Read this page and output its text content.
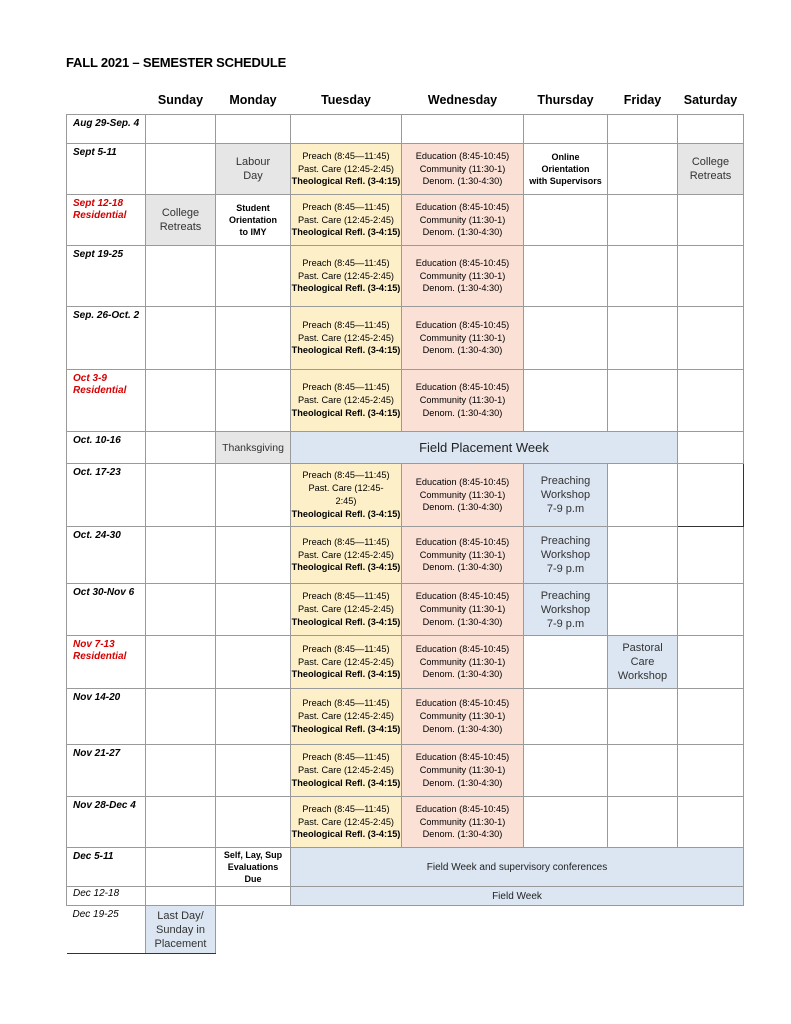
FALL 2021 – SEMESTER SCHEDULE
	Sunday	Monday	Tuesday	Wednesday	Thursday	Friday	Saturday
Aug 29-Sep. 4							
Sept 5-11		Labour
Day	Preach (8:45—11:45)
Past. Care (12:45-2:45)
Theological Refl. (3-4:15)	Education (8:45-10:45)
Community (11:30-1)
Denom. (1:30-4:30)	Online
Orientation
with Supervisors		College
Retreats

Sept 12-18
Residential	College
Retreats	Student
Orientation
to IMY	Preach (8:45—11:45)
Past. Care (12:45-2:45)
Theological Refl. (3-4:15)	Education (8:45-10:45)
Community (11:30-1)
Denom. (1:30-4:30)			

Sept 19-25			Preach (8:45—11:45)
Past. Care (12:45-2:45)
Theological Refl. (3-4:15)	Education (8:45-10:45)
Community (11:30-1)
Denom. (1:30-4:30)			

Sep. 26-Oct. 2			Preach (8:45—11:45)
Past. Care (12:45-2:45)
Theological Refl. (3-4:15)	Education (8:45-10:45)
Community (11:30-1)
Denom. (1:30-4:30)			

Oct 3-9
Residential			Preach (8:45—11:45)
Past. Care (12:45-2:45)
Theological Refl. (3-4:15)	Education (8:45-10:45)
Community (11:30-1)
Denom. (1:30-4:30)			

Oct. 10-16		Thanksgiving	Field Placement Week				
Oct. 17-23			Preach (8:45—11:45)
Past. Care (12:45-
2:45)
Theological Refl. (3-4:15)	Education (8:45-10:45)
Community (11:30-1)
Denom. (1:30-4:30)	Preaching
Workshop
7-9 p.m		

Oct. 24-30			Preach (8:45—11:45)
Past. Care (12:45-2:45)
Theological Refl. (3-4:15)	Education (8:45-10:45)
Community (11:30-1)
Denom. (1:30-4:30)	Preaching
Workshop
7-9 p.m		

Oct 30-Nov 6			Preach (8:45—11:45)
Past. Care (12:45-2:45)
Theological Refl. (3-4:15)	Education (8:45-10:45)
Community (11:30-1)
Denom. (1:30-4:30)	Preaching
Workshop
7-9 p.m		

Nov 7-13
Residential			Preach (8:45—11:45)
Past. Care (12:45-2:45)
Theological Refl. (3-4:15)	Education (8:45-10:45)
Community (11:30-1)
Denom. (1:30-4:30)		Pastoral
Care
Workshop	

Nov 14-20			Preach (8:45—11:45)
Past. Care (12:45-2:45)
Theological Refl. (3-4:15)	Education (8:45-10:45)
Community (11:30-1)
Denom. (1:30-4:30)			

Nov 21-27			Preach (8:45—11:45)
Past. Care (12:45-2:45)
Theological Refl. (3-4:15)	Education (8:45-10:45)
Community (11:30-1)
Denom. (1:30-4:30)			

Nov 28-Dec 4			Preach (8:45—11:45)
Past. Care (12:45-2:45)
Theological Refl. (3-4:15)	Education (8:45-10:45)
Community (11:30-1)
Denom. (1:30-4:30)			

Dec 5-11		Self, Lay, Sup
Evaluations
Due	Field Week and supervisory conferences				
Dec 12-18			Field Week				
Dec 19-25	Last Day/
Sunday in
Placement						
